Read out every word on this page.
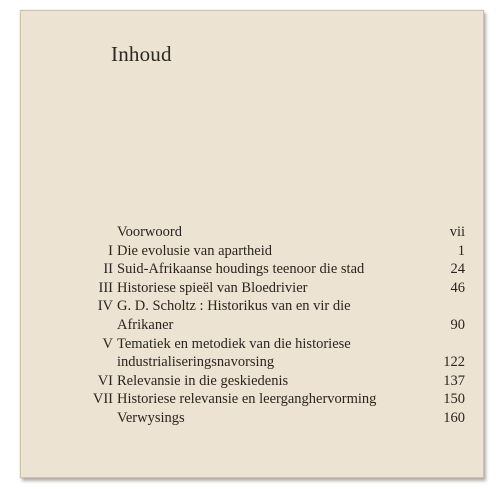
Inhoud
Voorwoord	vii
I Die evolusie van apartheid	1
II Suid-Afrikaanse houdings teenoor die stad	24
III Historiese spieël van Bloedrivier	46
IV G. D. Scholtz : Historikus van en vir die
Afrikaner	90
V Tematiek en metodiek van die historiese
industrialiseringsnavorsing	122
VI Relevansie in die geskiedenis	137
VII Historiese relevansie en leerganghervorming	150
Verwysings	160
